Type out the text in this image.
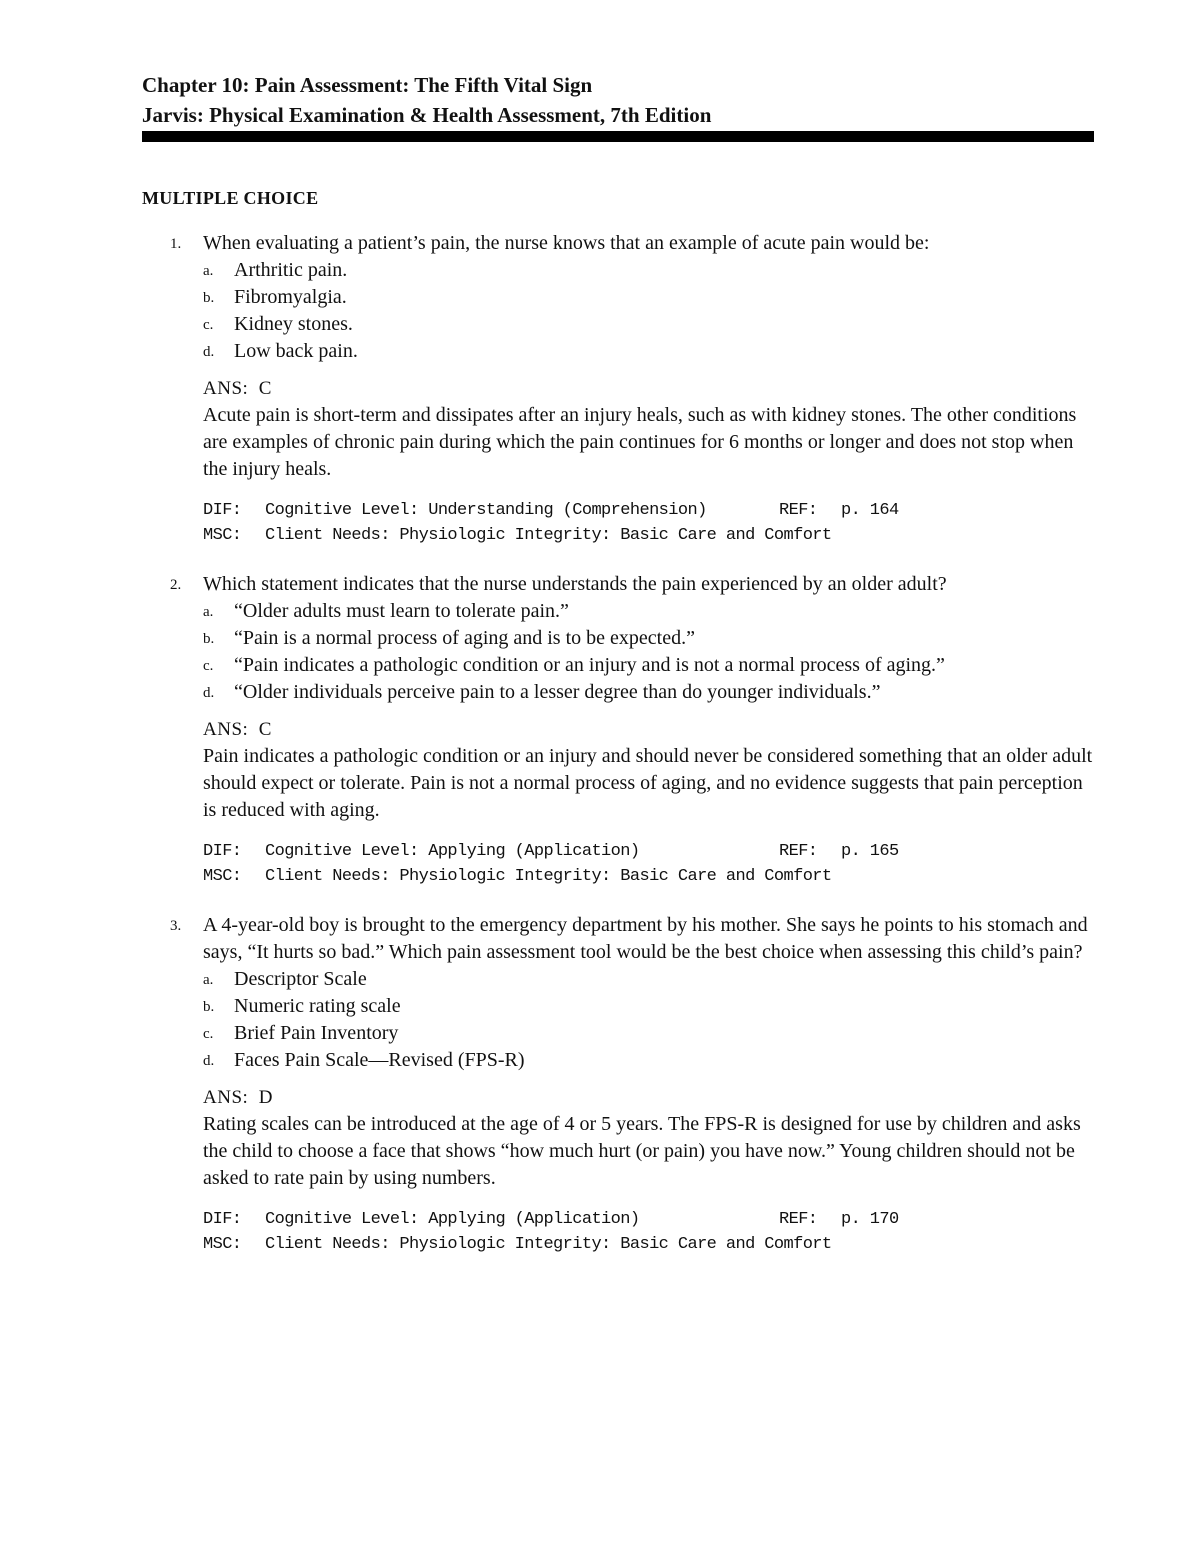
Chapter 10: Pain Assessment: The Fifth Vital Sign
Jarvis: Physical Examination & Health Assessment, 7th Edition
MULTIPLE CHOICE
1. When evaluating a patient’s pain, the nurse knows that an example of acute pain would be:
a. Arthritic pain.
b. Fibromyalgia.
c. Kidney stones.
d. Low back pain.
ANS: C
Acute pain is short-term and dissipates after an injury heals, such as with kidney stones. The other conditions are examples of chronic pain during which the pain continues for 6 months or longer and does not stop when the injury heals.
DIF: Cognitive Level: Understanding (Comprehension)	REF: p. 164
MSC: Client Needs: Physiologic Integrity: Basic Care and Comfort
2. Which statement indicates that the nurse understands the pain experienced by an older adult?
a. “Older adults must learn to tolerate pain.”
b. “Pain is a normal process of aging and is to be expected.”
c. “Pain indicates a pathologic condition or an injury and is not a normal process of aging.”
d. “Older individuals perceive pain to a lesser degree than do younger individuals.”
ANS: C
Pain indicates a pathologic condition or an injury and should never be considered something that an older adult should expect or tolerate. Pain is not a normal process of aging, and no evidence suggests that pain perception is reduced with aging.
DIF: Cognitive Level: Applying (Application)	REF: p. 165
MSC: Client Needs: Physiologic Integrity: Basic Care and Comfort
3. A 4-year-old boy is brought to the emergency department by his mother. She says he points to his stomach and says, “It hurts so bad.” Which pain assessment tool would be the best choice when assessing this child’s pain?
a. Descriptor Scale
b. Numeric rating scale
c. Brief Pain Inventory
d. Faces Pain Scale—Revised (FPS-R)
ANS: D
Rating scales can be introduced at the age of 4 or 5 years. The FPS-R is designed for use by children and asks the child to choose a face that shows “how much hurt (or pain) you have now.” Young children should not be asked to rate pain by using numbers.
DIF: Cognitive Level: Applying (Application)	REF: p. 170
MSC: Client Needs: Physiologic Integrity: Basic Care and Comfort
